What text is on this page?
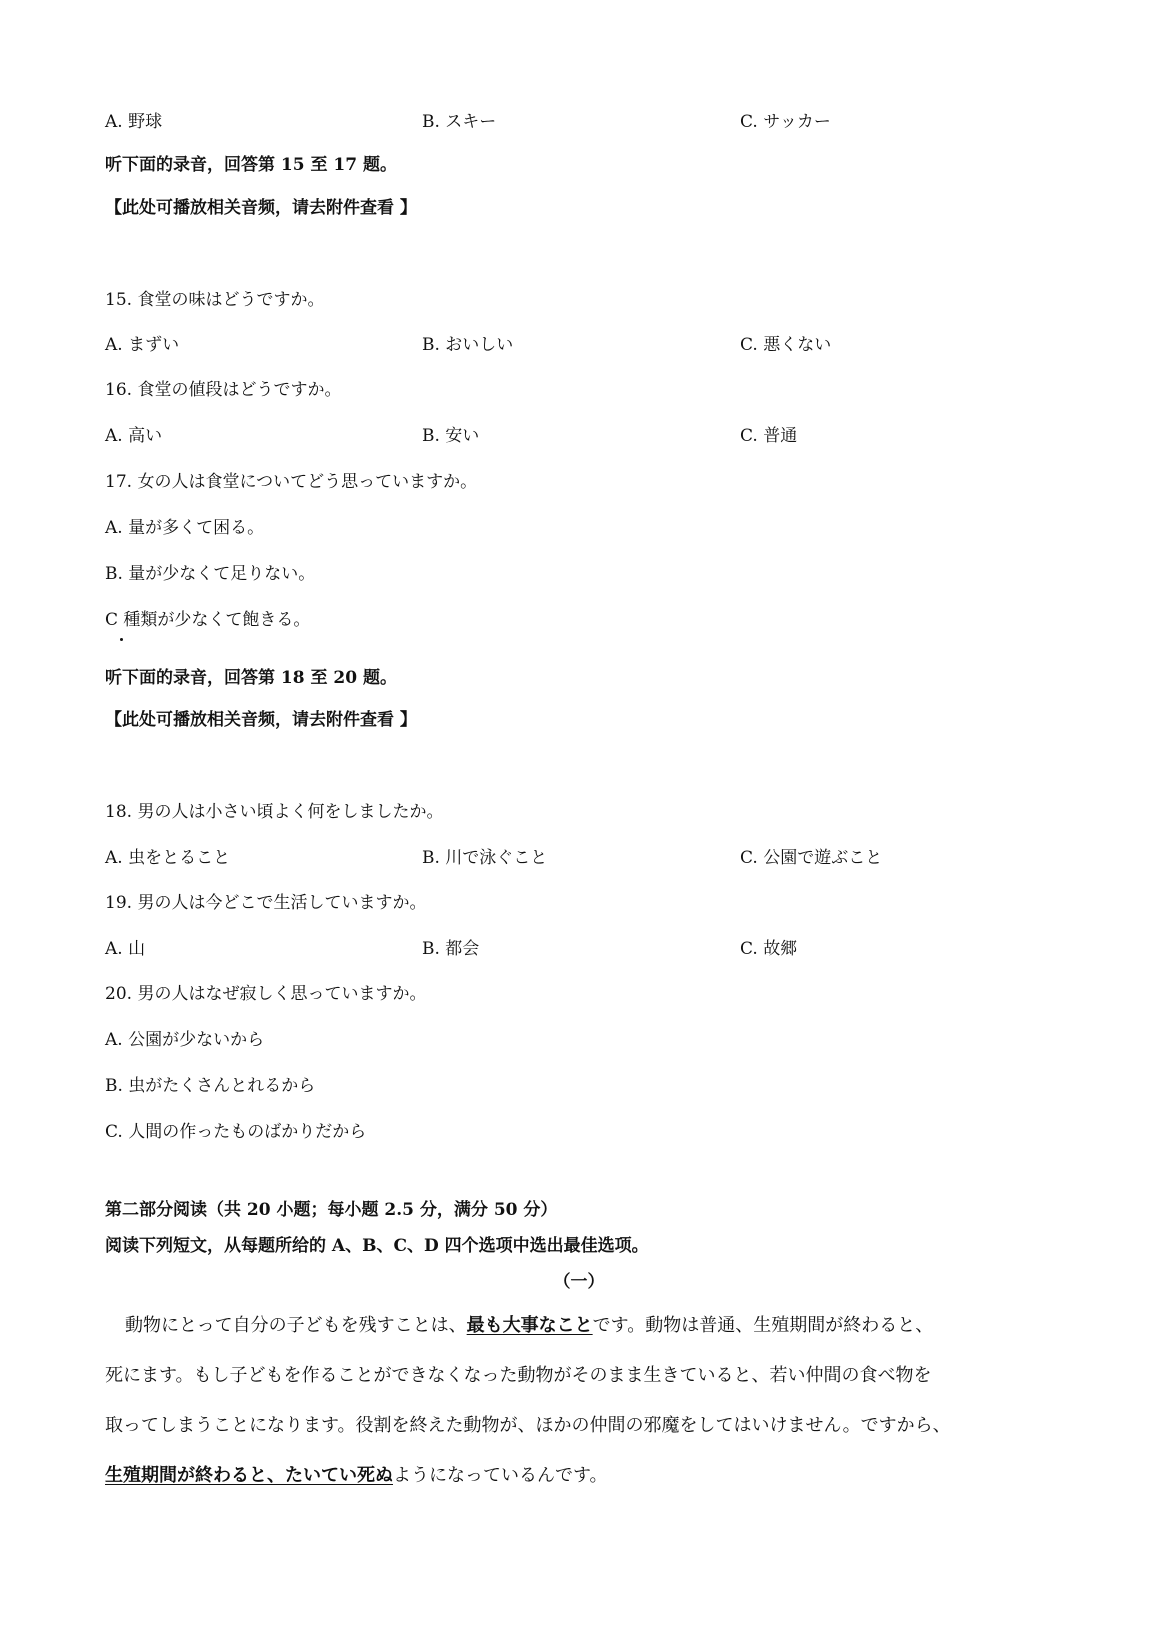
A. 野球	B. スキー	C. サッカー
听下面的录音，回答第 15 至 17 题。
【此处可播放相关音频，请去附件查看 】
15. 食堂の味はどうですか。
A. まずい	B. おいしい	C. 悪くない
16. 食堂の値段はどうですか。
A. 高い	B. 安い	C. 普通
17. 女の人は食堂についてどう思っていますか。
A. 量が多くて困る。
B. 量が少なくて足りない。
C 種類が少なくて飽きる。
听下面的录音，回答第 18 至 20 题。
【此处可播放相关音频，请去附件查看 】
18. 男の人は小さい頃よく何をしましたか。
A. 虫をとること	B. 川で泳ぐこと	C. 公園で遊ぶこと
19. 男の人は今どこで生活していますか。
A. 山	B. 都会	C. 故郷
20. 男の人はなぜ寂しく思っていますか。
A. 公園が少ないから
B. 虫がたくさんとれるから
C. 人間の作ったものばかりだから
第二部分阅读（共 20 小题；每小题 2.5 分，满分 50 分）
阅读下列短文，从每题所给的 A、B、C、D 四个选项中选出最佳选项。
（一）
動物にとって自分の子どもを残すことは、最も大事なことです。動物は普通、生殖期間が終わると、
死にます。もし子どもを作ることができなくなった動物がそのまま生きていると、若い仲間の食べ物を
取ってしまうことになります。役割を終えた動物が、ほかの仲間の邪魔をしてはいけません。ですから、
生殖期間が終わると、たいてい死ぬようになっているんです。
